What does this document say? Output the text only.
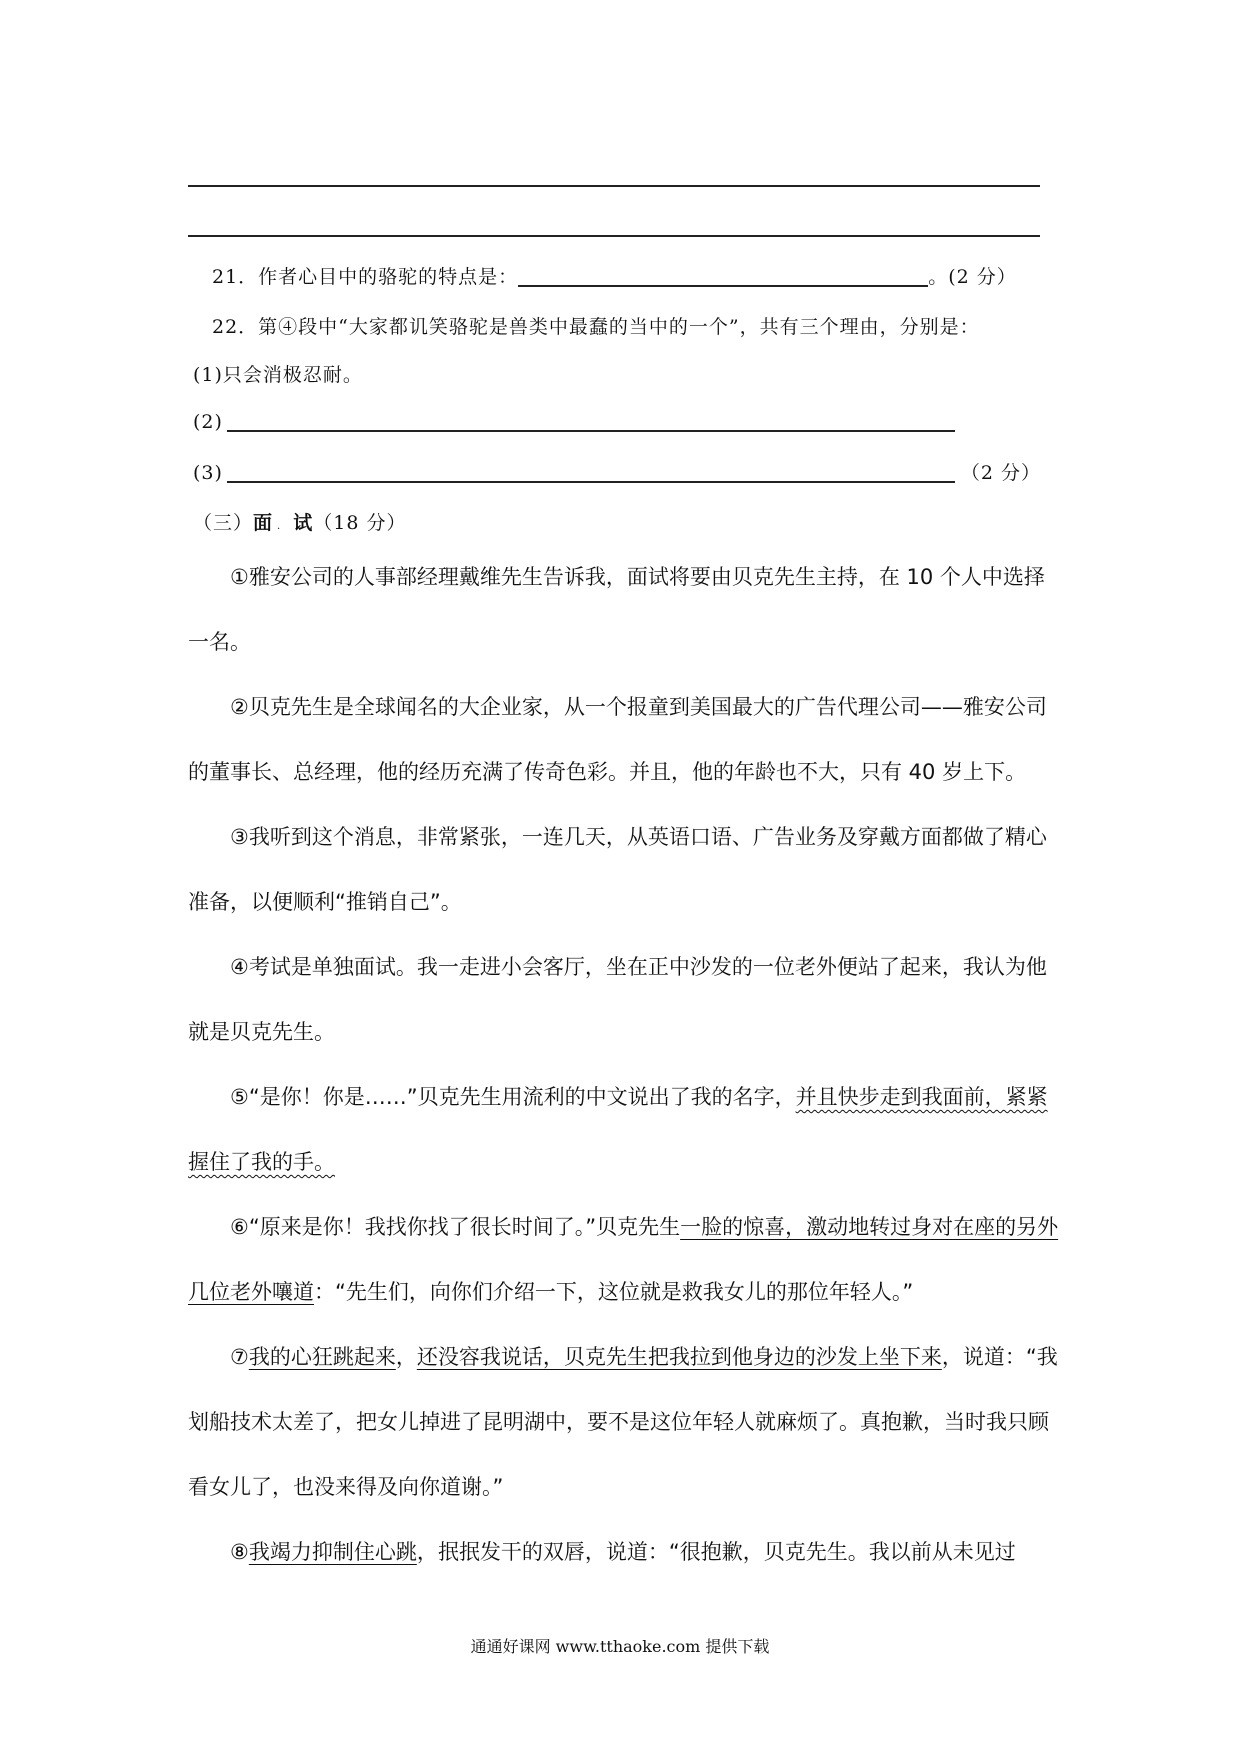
21．作者心目中的骆驼的特点是：	。(2 分）
22．第④段中“大家都讥笑骆驼是兽类中最蠢的当中的一个”，共有三个理由，分别是：
(1)只会消极忍耐。
(2)
(3)	（2 分）
（三）面 . 试（18 分）
①雅安公司的人事部经理戴维先生告诉我，面试将要由贝克先生主持，在 10 个人中选择一名。
②贝克先生是全球闻名的大企业家，从一个报童到美国最大的广告代理公司——雅安公司的董事长、总经理，他的经历充满了传奇色彩。并且，他的年龄也不大，只有 40 岁上下。
③我听到这个消息，非常紧张，一连几天，从英语口语、广告业务及穿戴方面都做了精心准备，以便顺利“推销自己”。
④考试是单独面试。我一走进小会客厅，坐在正中沙发的一位老外便站了起来，我认为他就是贝克先生。
⑤“是你！你是……”贝克先生用流利的中文说出了我的名字，并且快步走到我面前，紧紧握住了我的手。
⑥“原来是你！我找你找了很长时间了。”贝克先生一脸的惊喜，激动地转过身对在座的另外几位老外嚷道：“先生们，向你们介绍一下，这位就是救我女儿的那位年轻人。”
⑦我的心狂跳起来，还没容我说话，贝克先生把我拉到他身边的沙发上坐下来，说道：“我划船技术太差了，把女儿掉进了昆明湖中，要不是这位年轻人就麻烦了。真抱歉，当时我只顾看女儿了，也没来得及向你道谢。”
⑧我竭力抑制住心跳，抿抿发干的双唇，说道：“很抱歉，贝克先生。我以前从未见过
通通好课网 www.tthaoke.com 提供下载
